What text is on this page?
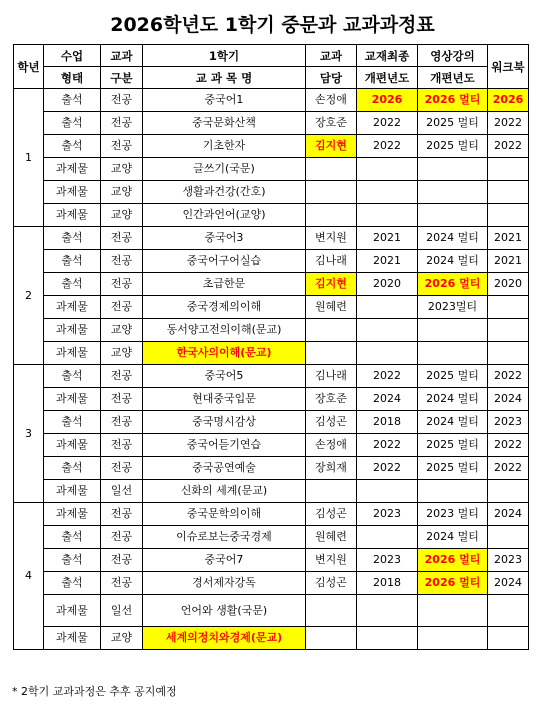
2026학년도 1학기 중문과 교과과정표
학년	수업	교과	1학기	교과	교재최종	영상강의	워크북
	형태	구분	교 과 목 명	담당	개편년도	개편년도	
1	출석	전공	중국어1	손정애	2026	2026 멀티	2026
	출석	전공	중국문화산책	장호준	2022	2025 멀티	2022
	출석	전공	기초한자	김지현	2022	2025 멀티	2022
	과제물	교양	글쓰기(국문)				
	과제물	교양	생활과건강(간호)				
	과제물	교양	인간과언어(교양)				
2	출석	전공	중국어3	변지원	2021	2024 멀티	2021
	출석	전공	중국어구어실습	김나래	2021	2024 멀티	2021
	출석	전공	초급한문	김지현	2020	2026 멀티	2020
	과제물	전공	중국경제의이해	원혜련		2023멀티	
	과제물	교양	동서양고전의이해(문교)				
	과제물	교양	한국사의이해(문교)				
3	출석	전공	중국어5	김나래	2022	2025 멀티	2022
	과제물	전공	현대중국입문	장호준	2024	2024 멀티	2024
	출석	전공	중국명시감상	김성곤	2018	2024 멀티	2023
	과제물	전공	중국어듣기연습	손정애	2022	2025 멀티	2022
	출석	전공	중국공연예술	장희재	2022	2025 멀티	2022
	과제물	일선	신화의 세계(문교)				
4	과제물	전공	중국문학의이해	김성곤	2023	2023 멀티	2024
	출석	전공	이슈로보는중국경제	원혜련		2024 멀티	
	출석	전공	중국어7	변지원	2023	2026 멀티	2023
	출석	전공	경서제자강독	김성곤	2018	2026 멀티	2024
	과제물	일선	언어와 생활(국문)				
	과제물	교양	세계의정치와경제(문교)				
* 2학기 교과과정은 추후 공지예정
